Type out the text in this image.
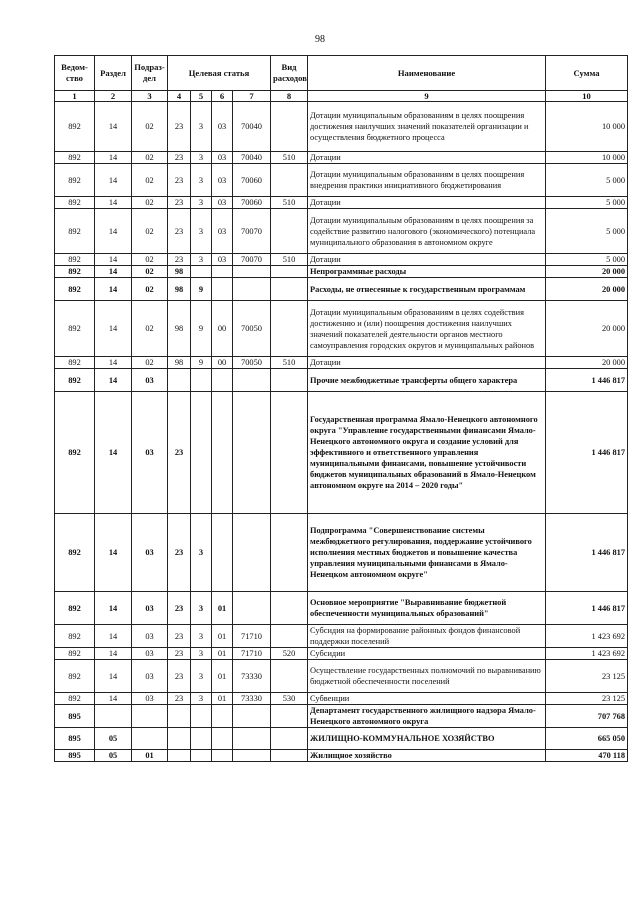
98
Ведом-ство	Раздел	Подраз-дел	Целевая статья				Вид расходов	Наименование	Сумма
1	2	3	4	5	6	7	8	9	10
892	14	02	23	3	03	70040		Дотации муниципальным образованиям в целях поощрения достижения наилучших значений показателей организации и осуществления бюджетного процесса	10 000
892	14	02	23	3	03	70040	510	Дотации	10 000
892	14	02	23	3	03	70060		Дотации муниципальным образованиям в целях поощрения внедрения практики инициативного бюджетирования	5 000
892	14	02	23	3	03	70060	510	Дотации	5 000
892	14	02	23	3	03	70070		Дотации муниципальным образованиям в целях поощрения за содействие развитию налогового (экономического) потенциала муниципального образования в автономном округе	5 000
892	14	02	23	3	03	70070	510	Дотации	5 000
892	14	02	98					Непрограммные расходы	20 000
892	14	02	98	9				Расходы, не отнесенные к государственным программам	20 000
892	14	02	98	9	00	70050		Дотации муниципальным образованиям в целях содействия достижению и (или) поощрения достижения наилучших значений показателей деятельности органов местного самоуправления городских округов и муниципальных районов	20 000
892	14	02	98	9	00	70050	510	Дотации	20 000
892	14	03						Прочие межбюджетные трансферты общего характера	1 446 817
892	14	03	23					Государственная программа Ямало-Ненецкого автономного округа "Управление государственными финансами Ямало-Ненецкого автономного округа и создание условий для эффективного и ответственного управления муниципальными финансами, повышение устойчивости бюджетов муниципальных образований в Ямало-Ненецком автономном округе на 2014 – 2020 годы"	1 446 817
892	14	03	23	3				Подпрограмма "Совершенствование системы межбюджетного регулирования, поддержание устойчивого исполнения местных бюджетов и повышение качества управления муниципальными финансами в Ямало-Ненецком автономном округе"	1 446 817
892	14	03	23	3	01			Основное мероприятие "Выравнивание бюджетной обеспеченности муниципальных образований"	1 446 817
892	14	03	23	3	01	71710		Субсидия на формирование районных фондов финансовой поддержки поселений	1 423 692
892	14	03	23	3	01	71710	520	Субсидии	1 423 692
892	14	03	23	3	01	73330		Осуществление государственных полномочий по выравниванию бюджетной обеспеченности поселений	23 125
892	14	03	23	3	01	73330	530	Субвенции	23 125
895								Департамент государственного жилищного надзора Ямало-Ненецкого автономного округа	707 768
895	05							ЖИЛИЩНО-КОММУНАЛЬНОЕ ХОЗЯЙСТВО	665 050
895	05	01						Жилищное хозяйство	470 118
